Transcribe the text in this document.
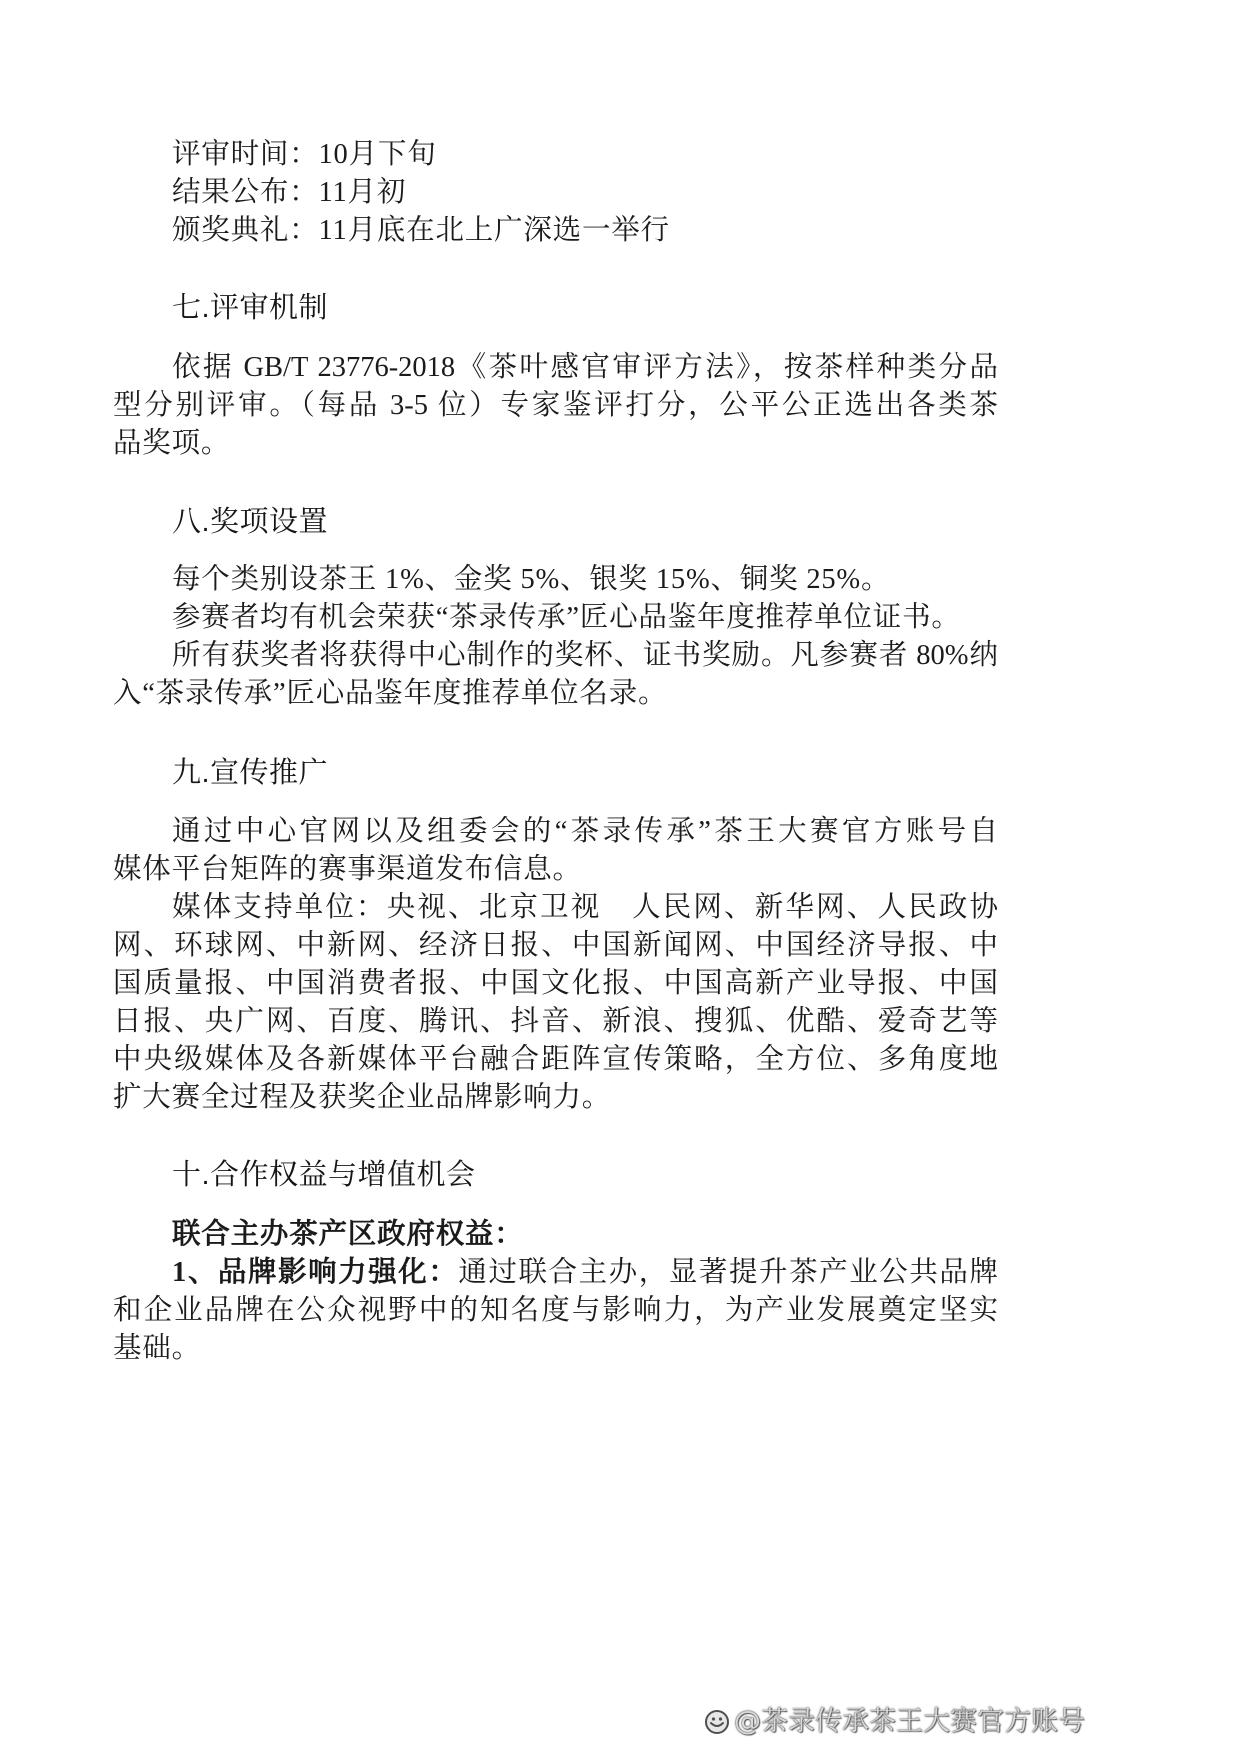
评审时间：10月下旬
结果公布：11月初
颁奖典礼：11月底在北上广深选一举行
七.评审机制
依据 GB/T 23776-2018《茶叶感官审评方法》，按茶样种类分品
型分别评审。（每品 3-5 位）专家鉴评打分，公平公正选出各类茶
品奖项。
八.奖项设置
每个类别设茶王 1%、金奖 5%、银奖 15%、铜奖 25%。
参赛者均有机会荣获“茶录传承”匠心品鉴年度推荐单位证书。
所有获奖者将获得中心制作的奖杯、证书奖励。凡参赛者 80%纳
入“茶录传承”匠心品鉴年度推荐单位名录。
九.宣传推广
通过中心官网以及组委会的“茶录传承”茶王大赛官方账号自
媒体平台矩阵的赛事渠道发布信息。
媒体支持单位：央视、北京卫视　人民网、新华网、人民政协
网、环球网、中新网、经济日报、中国新闻网、中国经济导报、中
国质量报、中国消费者报、中国文化报、中国高新产业导报、中国
日报、央广网、百度、腾讯、抖音、新浪、搜狐、优酷、爱奇艺等
中央级媒体及各新媒体平台融合距阵宣传策略，全方位、多角度地
扩大赛全过程及获奖企业品牌影响力。
十.合作权益与增值机会
联合主办茶产区政府权益：
1、品牌影响力强化：通过联合主办，显著提升茶产业公共品牌
和企业品牌在公众视野中的知名度与影响力，为产业发展奠定坚实
基础。
@茶录传承茶王大赛官方账号
